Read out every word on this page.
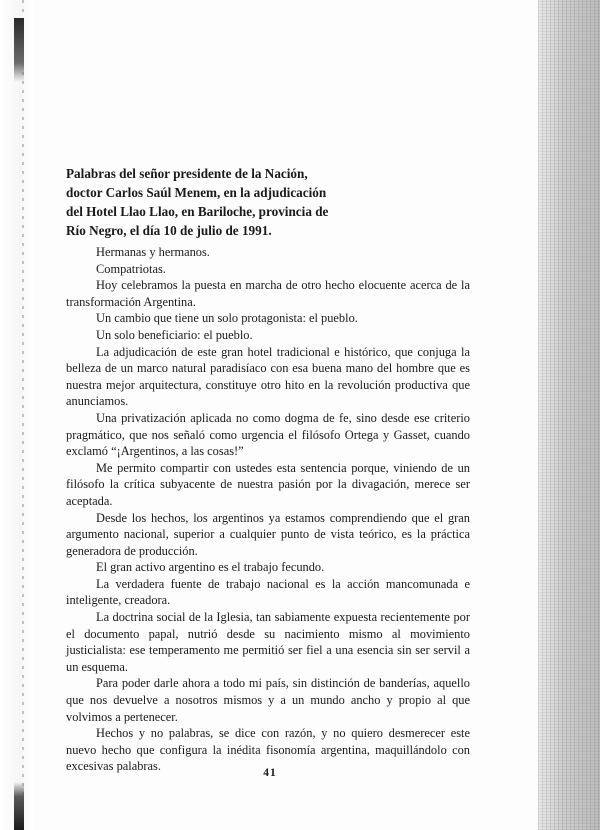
Palabras del señor presidente de la Nación,
doctor Carlos Saúl Menem, en la adjudicación
del Hotel Llao Llao, en Bariloche, provincia de
Río Negro, el día 10 de julio de 1991.

Hermanas y hermanos.

Compatriotas.

Hoy celebramos la puesta en marcha de otro hecho elocuente acerca de la transformación Argentina.

Un cambio que tiene un solo protagonista: el pueblo.

Un solo beneficiario: el pueblo.

La adjudicación de este gran hotel tradicional e histórico, que conjuga la belleza de un marco natural paradisíaco con esa buena mano del hombre que es nuestra mejor arquitectura, constituye otro hito en la revolución productiva que anunciamos.

Una privatización aplicada no como dogma de fe, sino desde ese criterio pragmático, que nos señaló como urgencia el filósofo Ortega y Gasset, cuando exclamó “¡Argentinos, a las cosas!”

Me permito compartir con ustedes esta sentencia porque, viniendo de un filósofo la crítica subyacente de nuestra pasión por la divagación, merece ser aceptada.

Desde los hechos, los argentinos ya estamos comprendiendo que el gran argumento nacional, superior a cualquier punto de vista teórico, es la práctica generadora de producción.

El gran activo argentino es el trabajo fecundo.

La verdadera fuente de trabajo nacional es la acción mancomunada e inteligente, creadora.

La doctrina social de la Iglesia, tan sabiamente expuesta recientemente por el documento papal, nutrió desde su nacimiento mismo al movimiento justicialista: ese temperamento me permitió ser fiel a una esencia sin ser servil a un esquema.

Para poder darle ahora a todo mi país, sin distinción de banderías, aquello que nos devuelve a nosotros mismos y a un mundo ancho y propio al que volvimos a pertenecer.

Hechos y no palabras, se dice con razón, y no quiero desmerecer este nuevo hecho que configura la inédita fisonomía argentina, maquillándolo con excesivas palabras.	41
